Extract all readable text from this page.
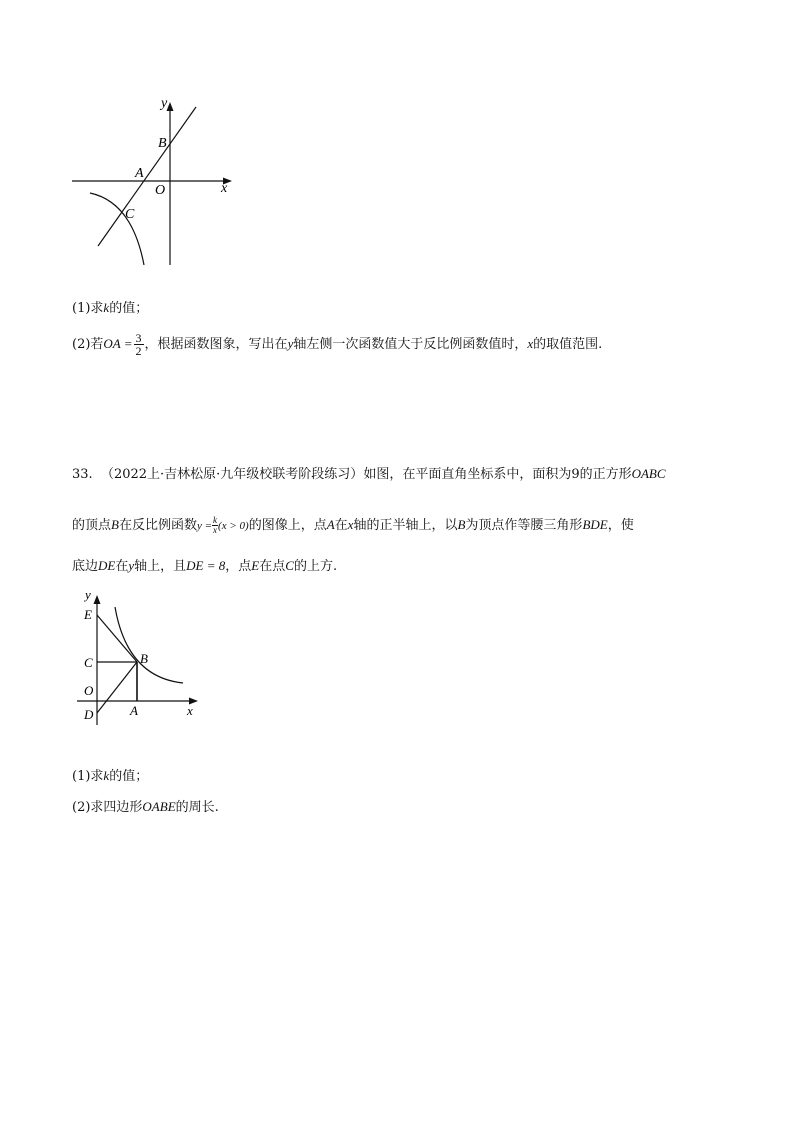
y
x
B
A
O
C
(1)求k的值；
(2)若OA = $\frac{3}{2}$ ，根据函数图象，写出在y轴左侧一次函数值大于反比例函数值时，x的取值范围.
33. （2022上·吉林松原·九年级校联考阶段练习）如图，在平面直角坐标系中，面积为9的正方形OABC
的顶点B在反比例函数$y = \frac{k}{x} (x > 0)$的图像上，点A在x轴的正半轴上，以B为顶点作等腰三角形BDE，使
底边DE在y轴上，且DE = 8，点E在点C的上方.
y
x
E
C	B
O
D	A
(1)求k的值；
(2)求四边形OABE的周长.
